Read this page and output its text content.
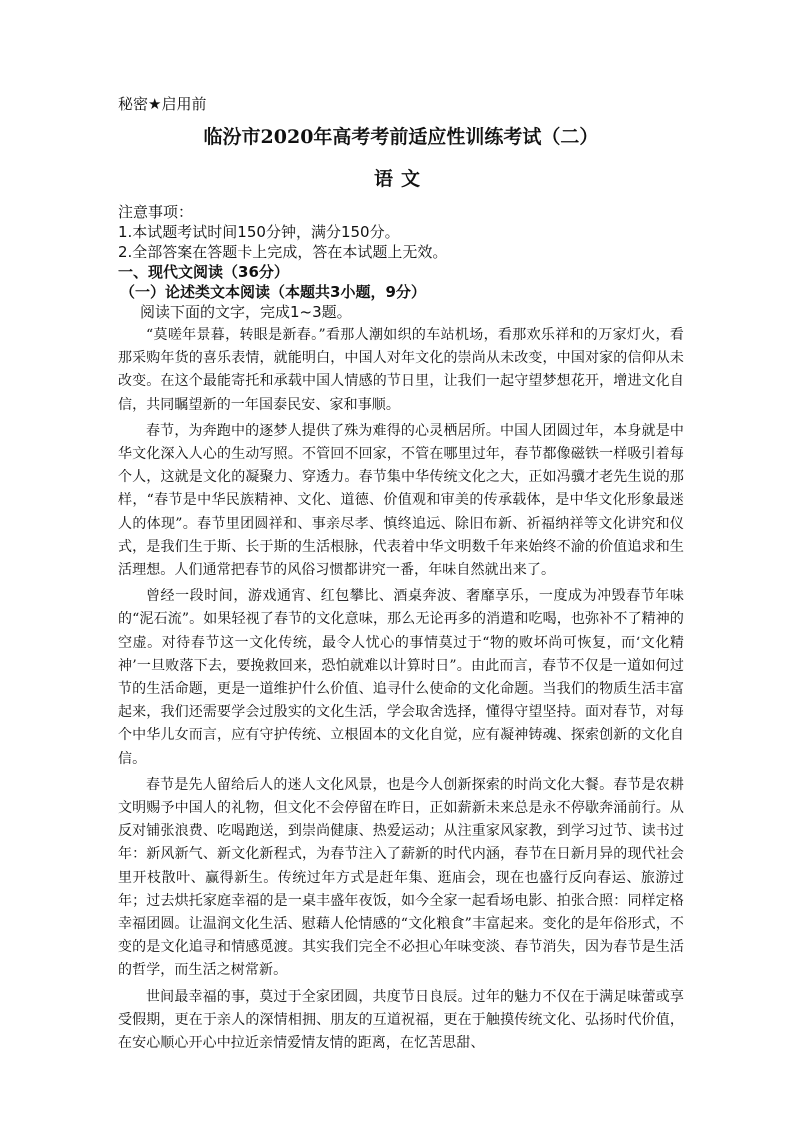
秘密★启用前

临汾市2020年高考考前适应性训练考试（二）
语文

注意事项：

1.本试题考试时间150分钟，满分150分。

2.全部答案在答题卡上完成，答在本试题上无效。

一、现代文阅读（36分）

（一）论述类文本阅读（本题共3小题，9分）

阅读下面的文字，完成1~3题。

“莫嗟年景暮，转眼是新春。”看那人潮如织的车站机场，看那欢乐祥和的万家灯火，看那采购年货的喜乐表情，就能明白，中国人对年文化的崇尚从未改变，中国对家的信仰从未改变。在这个最能寄托和承载中国人情感的节日里，让我们一起守望梦想花开，增进文化自信，共同瞩望新的一年国泰民安、家和事顺。

春节，为奔跑中的逐梦人提供了殊为难得的心灵栖居所。中国人团圆过年，本身就是中华文化深入人心的生动写照。不管回不回家，不管在哪里过年，春节都像磁铁一样吸引着每个人，这就是文化的凝聚力、穿透力。春节集中华传统文化之大，正如冯骥才老先生说的那样，“春节是中华民族精神、文化、道德、价值观和审美的传承载体，是中华文化形象最迷人的体现”。春节里团圆祥和、事亲尽孝、慎终追远、除旧布新、祈福纳祥等文化讲究和仪式，是我们生于斯、长于斯的生活根脉，代表着中华文明数千年来始终不渝的价值追求和生活理想。人们通常把春节的风俗习惯都讲究一番，年味自然就出来了。

曾经一段时间，游戏通宵、红包攀比、酒桌奔波、奢靡享乐，一度成为冲毁春节年味的“泥石流”。如果轻视了春节的文化意味，那么无论再多的消遣和吃喝，也弥补不了精神的空虚。对待春节这一文化传统，最令人忧心的事情莫过于“物的败坏尚可恢复，而‘文化精神’一旦败落下去，要挽救回来，恐怕就难以计算时日”。由此而言，春节不仅是一道如何过节的生活命题，更是一道维护什么价值、追寻什么使命的文化命题。当我们的物质生活丰富起来，我们还需要学会过殷实的文化生活，学会取舍选择，懂得守望坚持。面对春节，对每个中华儿女而言，应有守护传统、立根固本的文化自觉，应有凝神铸魂、探索创新的文化自信。

春节是先人留给后人的迷人文化风景，也是今人创新探索的时尚文化大餐。春节是农耕文明赐予中国人的礼物，但文化不会停留在昨日，正如薪新未来总是永不停歇奔涌前行。从反对铺张浪费、吃喝跑送，到崇尚健康、热爱运动；从注重家风家教，到学习过节、读书过年：新风新气、新文化新程式，为春节注入了薪新的时代内涵，春节在日新月异的现代社会里开枝散叶、赢得新生。传统过年方式是赶年集、逛庙会，现在也盛行反向春运、旅游过年；过去烘托家庭幸福的是一桌丰盛年夜饭，如今全家一起看场电影、拍张合照：同样定格幸福团圆。让温润文化生活、慰藉人伦情感的“文化粮食”丰富起来。变化的是年俗形式，不变的是文化追寻和情感觅渡。其实我们完全不必担心年味变淡、春节消失，因为春节是生活的哲学，而生活之树常新。

世间最幸福的事，莫过于全家团圆，共度节日良辰。过年的魅力不仅在于满足味蕾或享受假期，更在于亲人的深情相拥、朋友的互道祝福，更在于触摸传统文化、弘扬时代价值，在安心顺心开心中拉近亲情爱情友情的距离，在忆苦思甜、
